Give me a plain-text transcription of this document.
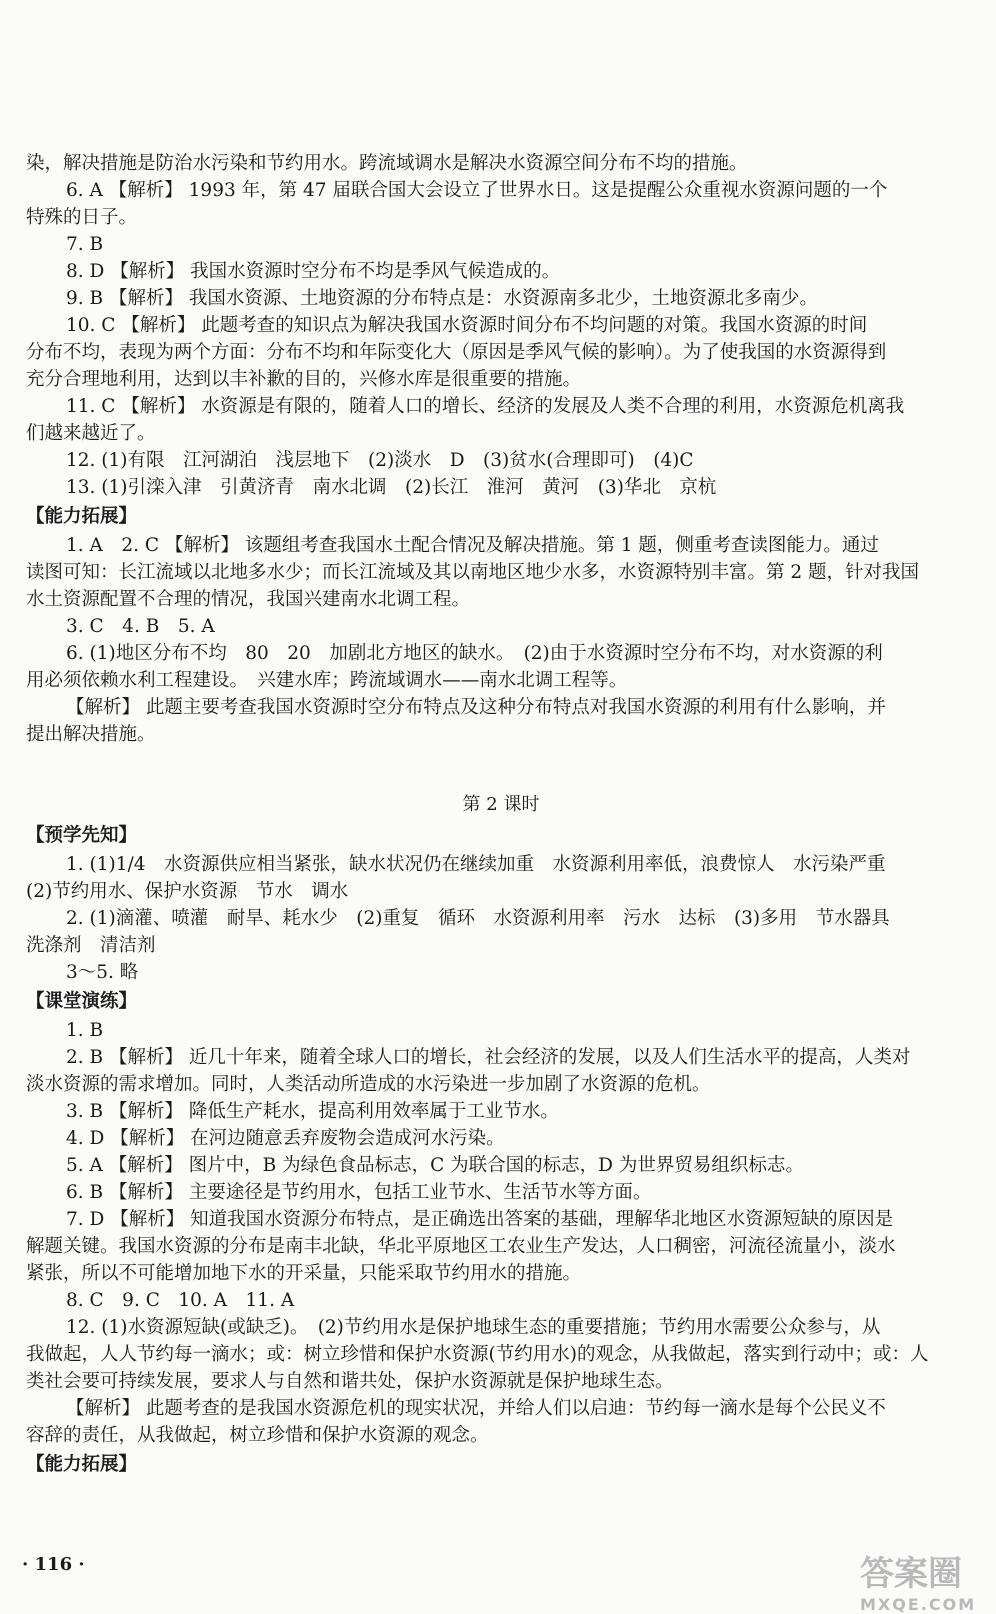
染，解决措施是防治水污染和节约用水。跨流域调水是解决水资源空间分布不均的措施。

6. A 【解析】 1993 年，第 47 届联合国大会设立了世界水日。这是提醒公众重视水资源问题的一个

特殊的日子。

7. B

8. D 【解析】 我国水资源时空分布不均是季风气候造成的。

9. B 【解析】 我国水资源、土地资源的分布特点是：水资源南多北少，土地资源北多南少。

10. C 【解析】 此题考查的知识点为解决我国水资源时间分布不均问题的对策。我国水资源的时间

分布不均，表现为两个方面：分布不均和年际变化大（原因是季风气候的影响）。为了使我国的水资源得到

充分合理地利用，达到以丰补歉的目的，兴修水库是很重要的措施。

11. C 【解析】 水资源是有限的，随着人口的增长、经济的发展及人类不合理的利用，水资源危机离我

们越来越近了。

12. (1)有限　江河湖泊　浅层地下　(2)淡水　D　(3)贫水(合理即可)　(4)C

13. (1)引滦入津　引黄济青　南水北调　(2)长江　淮河　黄河　(3)华北　京杭

【能力拓展】

1. A　2. C 【解析】 该题组考查我国水土配合情况及解决措施。第 1 题，侧重考查读图能力。通过

读图可知：长江流域以北地多水少；而长江流域及其以南地区地少水多，水资源特别丰富。第 2 题，针对我国

水土资源配置不合理的情况，我国兴建南水北调工程。

3. C　4. B　5. A

6. (1)地区分布不均　80　20　加剧北方地区的缺水。　(2)由于水资源时空分布不均，对水资源的利

用必须依赖水利工程建设。　兴建水库；跨流域调水——南水北调工程等。

【解析】 此题主要考查我国水资源时空分布特点及这种分布特点对我国水资源的利用有什么影响，并

提出解决措施。

第 2 课时

【预学先知】

1. (1)1/4　水资源供应相当紧张，缺水状况仍在继续加重　水资源利用率低，浪费惊人　水污染严重

(2)节约用水、保护水资源　节水　调水

2. (1)滴灌、喷灌　耐旱、耗水少　(2)重复　循环　水资源利用率　污水　达标　(3)多用　节水器具

洗涤剂　清洁剂

3～5. 略

【课堂演练】

1. B

2. B 【解析】 近几十年来，随着全球人口的增长，社会经济的发展，以及人们生活水平的提高，人类对

淡水资源的需求增加。同时，人类活动所造成的水污染进一步加剧了水资源的危机。

3. B 【解析】 降低生产耗水，提高利用效率属于工业节水。

4. D 【解析】 在河边随意丢弃废物会造成河水污染。

5. A 【解析】 图片中，B 为绿色食品标志，C 为联合国的标志，D 为世界贸易组织标志。

6. B 【解析】 主要途径是节约用水，包括工业节水、生活节水等方面。

7. D 【解析】 知道我国水资源分布特点，是正确选出答案的基础，理解华北地区水资源短缺的原因是

解题关键。我国水资源的分布是南丰北缺，华北平原地区工农业生产发达，人口稠密，河流径流量小，淡水

紧张，所以不可能增加地下水的开采量，只能采取节约用水的措施。

8. C　9. C　10. A　11. A

12. (1)水资源短缺(或缺乏)。　(2)节约用水是保护地球生态的重要措施；节约用水需要公众参与，从

我做起，人人节约每一滴水；或：树立珍惜和保护水资源(节约用水)的观念，从我做起，落实到行动中；或：人

类社会要可持续发展，要求人与自然和谐共处，保护水资源就是保护地球生态。

【解析】 此题考查的是我国水资源危机的现实状况，并给人们以启迪：节约每一滴水是每个公民义不

容辞的责任，从我做起，树立珍惜和保护水资源的观念。

【能力拓展】

· 116 ·	答案圈
MXQE.COM
